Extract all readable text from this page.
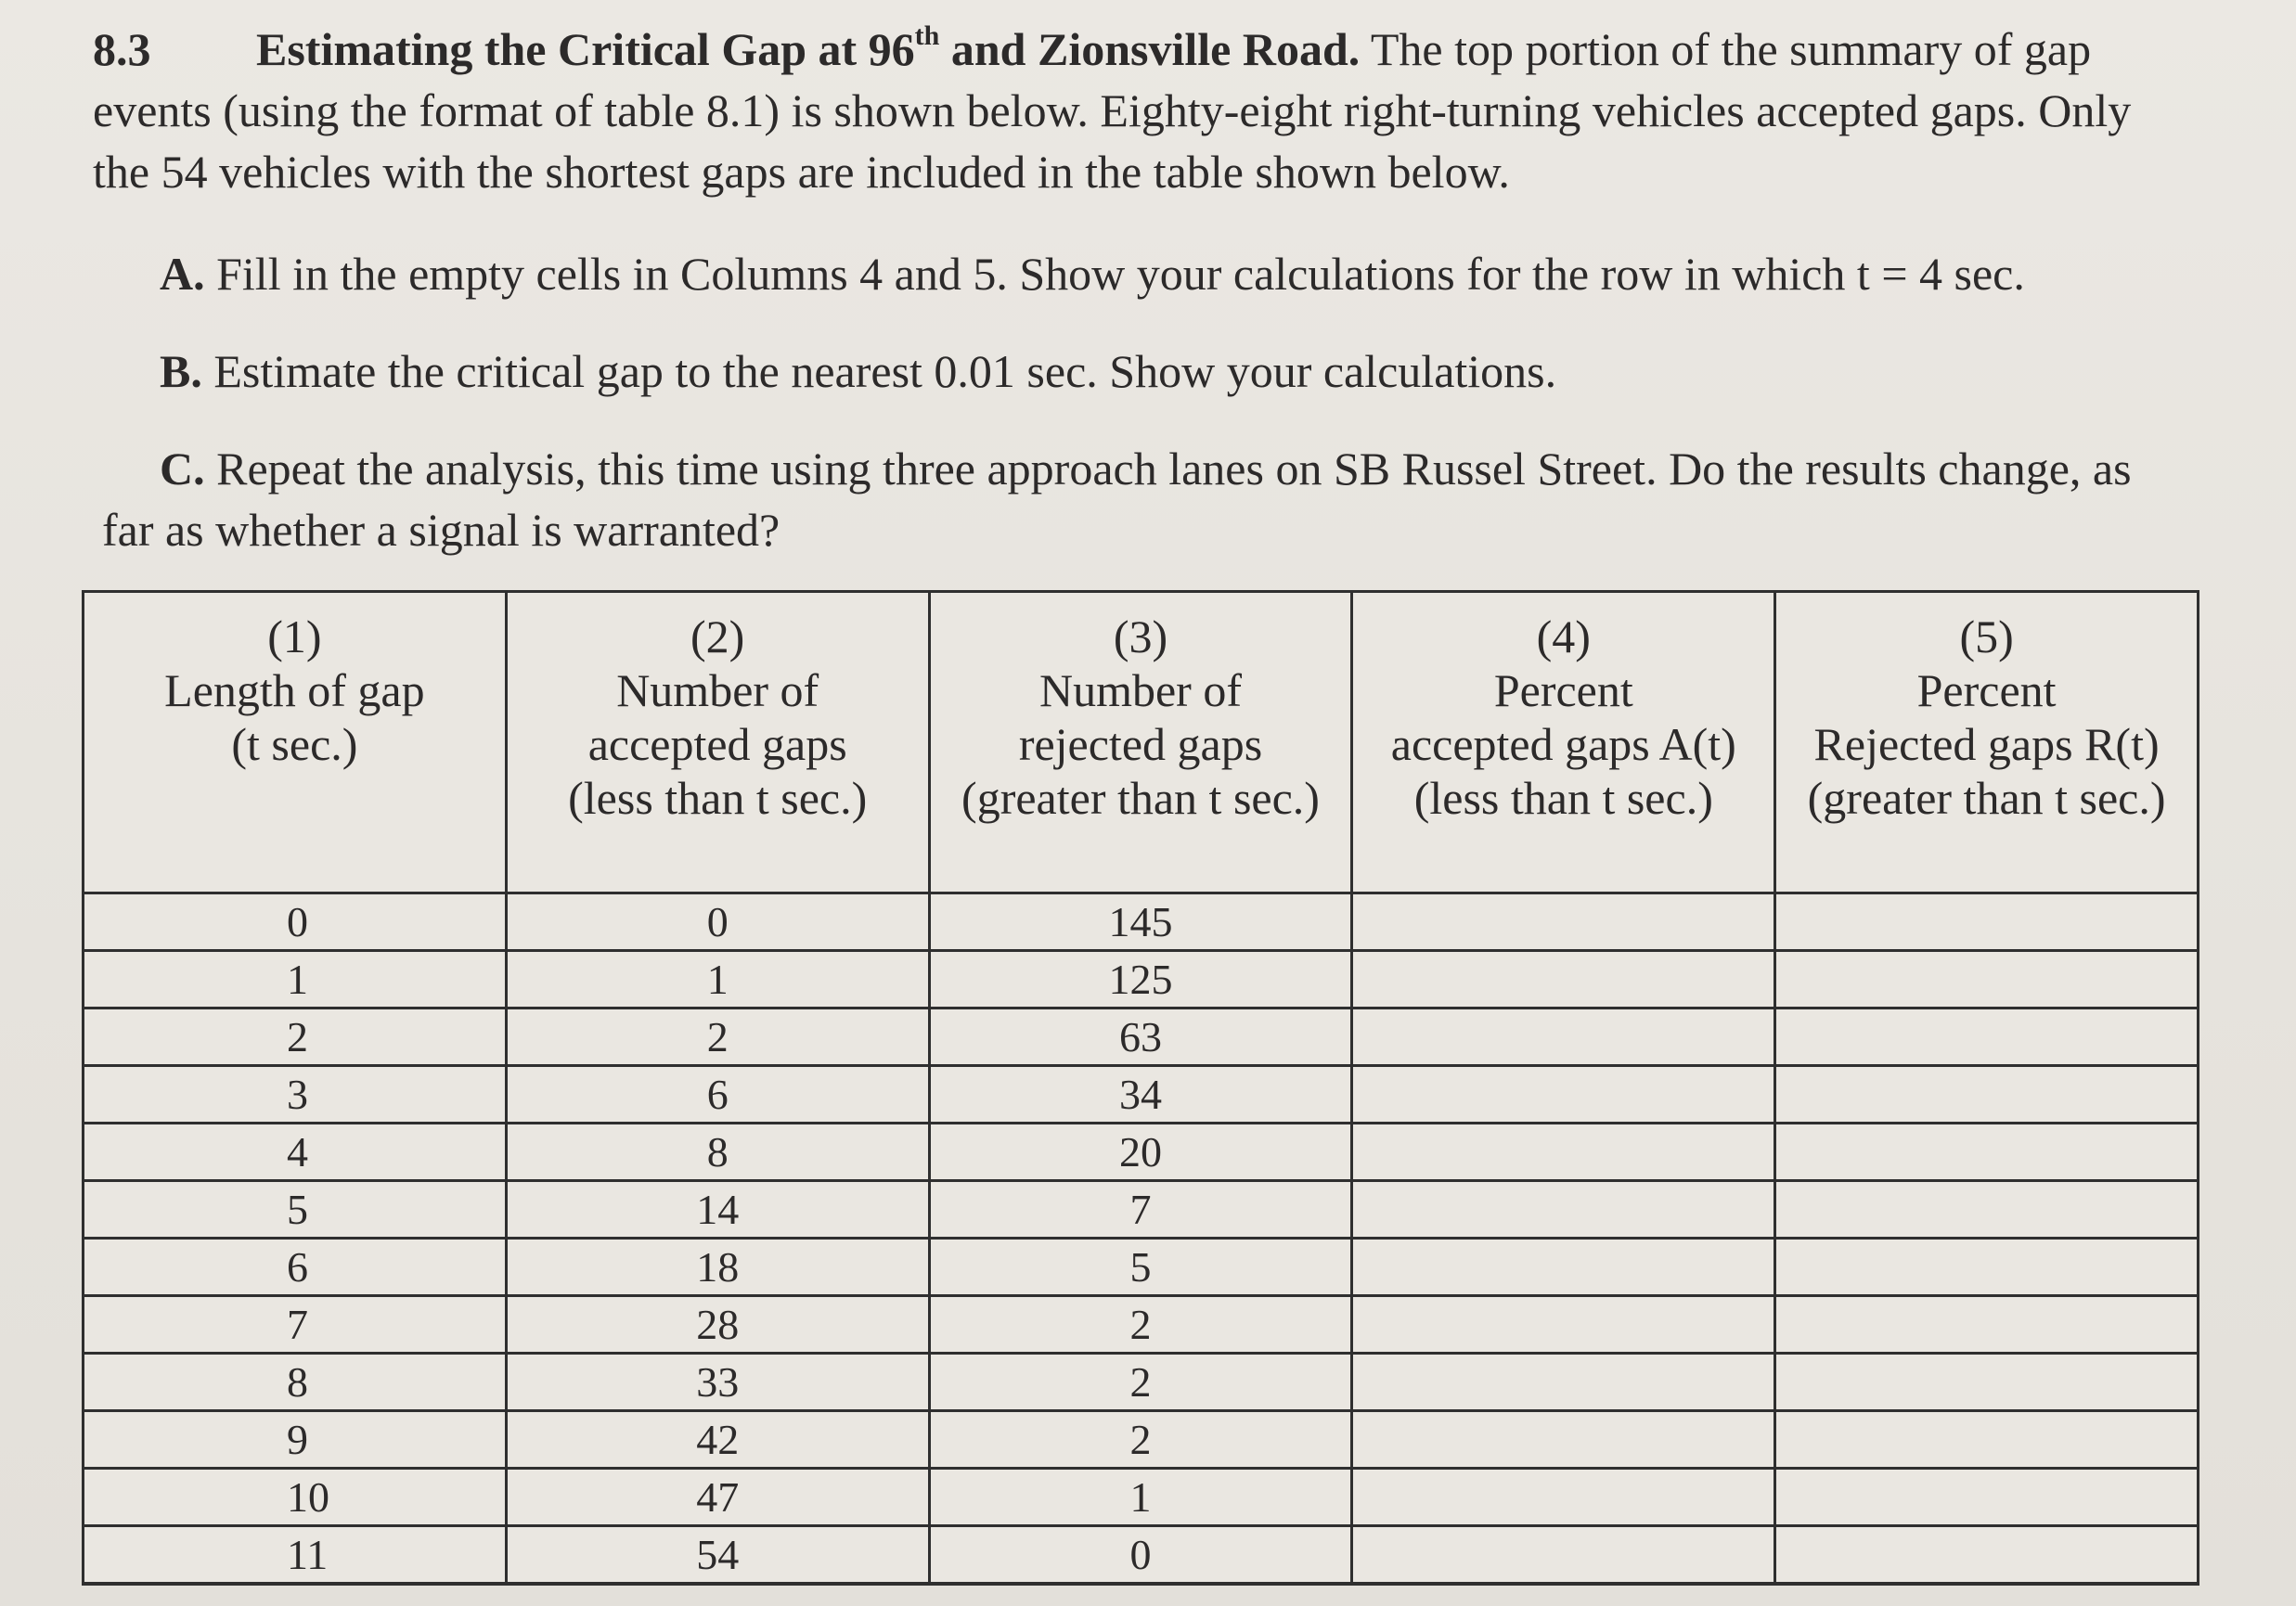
8.3 Estimating the Critical Gap at 96th and Zionsville Road. The top portion of the summary of gap events (using the format of table 8.1) is shown below. Eighty-eight right-turning vehicles accepted gaps. Only the 54 vehicles with the shortest gaps are included in the table shown below.
A. Fill in the empty cells in Columns 4 and 5. Show your calculations for the row in which t = 4 sec.
B. Estimate the critical gap to the nearest 0.01 sec. Show your calculations.
C. Repeat the analysis, this time using three approach lanes on SB Russel Street. Do the results change, as far as whether a signal is warranted?
(1)
Length of gap
(t sec.)	(2)
Number of
accepted gaps
(less than t sec.)	(3)
Number of
rejected gaps
(greater than t sec.)	(4)
Percent
accepted gaps A(t)
(less than t sec.)	(5)
Percent
Rejected gaps R(t)
(greater than t sec.)

0	0	145		
1	1	125		
2	2	63		
3	6	34		
4	8	20		
5	14	7		
6	18	5		
7	28	2		
8	33	2		
9	42	2		
10	47	1		
11	54	0		
